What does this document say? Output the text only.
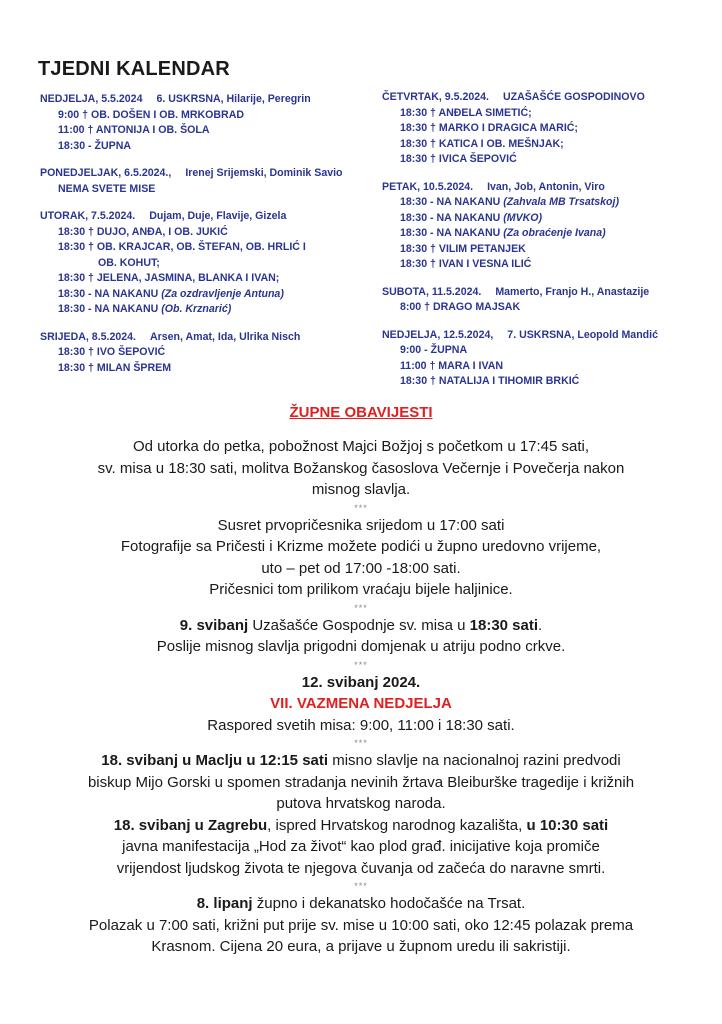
TJEDNI KALENDAR
NEDJELJA, 5.5.2024 6. USKRSNA, Hilarije, Peregrin
9:00 † OB. DOŠEN I OB. MRKOBRAD
11:00 † ANTONIJA I OB. ŠOLA
18:30 - ŽUPNA
PONEDJELJAK, 6.5.2024., Irenej Srijemski, Dominik Savio
NEMA SVETE MISE
UTORAK, 7.5.2024. Dujam, Duje, Flavije, Gizela
18:30 † DUJO, ANĐA, I OB. JUKIĆ
18:30 † OB. KRAJCAR, OB. ŠTEFAN, OB. HRLIĆ I
OB. KOHUT;
18:30 † JELENA, JASMINA, BLANKA I IVAN;
18:30 - NA NAKANU (Za ozdravljenje Antuna)
18:30 - NA NAKANU (Ob. Krznarić)
SRIJEDA, 8.5.2024. Arsen, Amat, Ida, Ulrika Nisch
18:30 † IVO ŠEPOVIĆ
18:30 † MILAN ŠPREM
ČETVRTAK, 9.5.2024. UZAŠAŠĆE GOSPODINOVO
18:30 † ANĐELA SIMETIĆ;
18:30 † MARKO I DRAGICA MARIĆ;
18:30 † KATICA I OB. MEŠNJAK;
18:30 † IVICA ŠEPOVIĆ
PETAK, 10.5.2024. Ivan, Job, Antonin, Viro
18:30 - NA NAKANU (Zahvala MB Trsatskoj)
18:30 - NA NAKANU (MVKO)
18:30 - NA NAKANU (Za obraćenje Ivana)
18:30 † VILIM PETANJEK
18:30 † IVAN I VESNA ILIĆ
SUBOTA, 11.5.2024. Mamerto, Franjo H., Anastazije
8:00 † DRAGO MAJSAK
NEDJELJA, 12.5.2024, 7. USKRSNA, Leopold Mandić
9:00 - ŽUPNA
11:00 † MARA I IVAN
18:30 † NATALIJA I TIHOMIR BRKIĆ
ŽUPNE OBAVIJESTI
Od utorka do petka, pobožnost Majci Božjoj s početkom u 17:45 sati,
sv. misa u 18:30 sati, molitva Božanskog časoslova Večernje i Povečerja nakon
misnog slavlja.
***
Susret prvopričesnika srijedom u 17:00 sati
Fotografije sa Pričesti i Krizme možete podići u župno uredovno vrijeme,
uto – pet od 17:00 -18:00 sati.
Pričesnici tom prilikom vraćaju bijele haljinice.
***
9. svibanj Uzašašće Gospodnje sv. misa u 18:30 sati.
Poslije misnog slavlja prigodni domjenak u atriju podno crkve.
***
12. svibanj 2024.
VII. VAZMENA NEDJELJA
Raspored svetih misa: 9:00, 11:00 i 18:30 sati.
***
18. svibanj u Maclju u 12:15 sati misno slavlje na nacionalnoj razini predvodi
biskup Mijo Gorski u spomen stradanja nevinih žrtava Bleiburške tragedije i križnih
putova hrvatskog naroda.
18. svibanj u Zagrebu, ispred Hrvatskog narodnog kazališta, u 10:30 sati
javna manifestacija „Hod za život“ kao plod građ. inicijative koja promiče
vrijendost ljudskog života te njegova čuvanja od začeća do naravne smrti.
***
8. lipanj župno i dekanatsko hodočašće na Trsat.
Polazak u 7:00 sati, križni put prije sv. mise u 10:00 sati, oko 12:45 polazak prema
Krasnom. Cijena 20 eura, a prijave u župnom uredu ili sakristiji.
